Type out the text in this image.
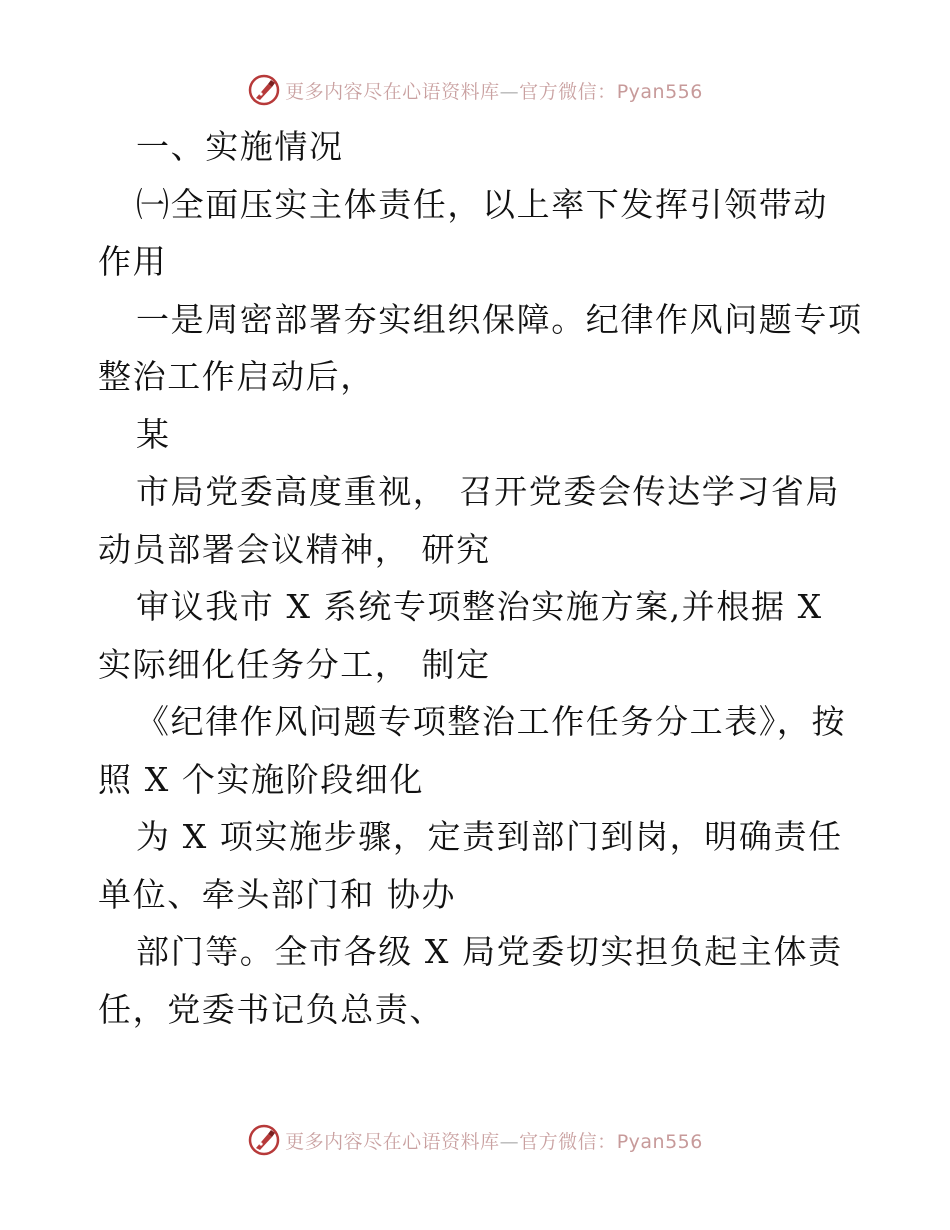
更多内容尽在心语资料库—官方微信：Pyan556
一、实施情况
㈠全面压实主体责任，以上率下发挥引领带动
作用
一是周密部署夯实组织保障。纪律作风问题专项
整治工作启动后，
某
市局党委高度重视， 召开党委会传达学习省局
动员部署会议精神， 研究
审议我市 X 系统专项整治实施方案,并根据 X
实际细化任务分工， 制定
《纪律作风问题专项整治工作任务分工表》，按
照 X 个实施阶段细化
为 X 项实施步骤，定责到部门到岗，明确责任
单位、牵头部门和 协办
部门等。全市各级 X 局党委切实担负起主体责
任，党委书记负总责、
更多内容尽在心语资料库—官方微信：Pyan556
